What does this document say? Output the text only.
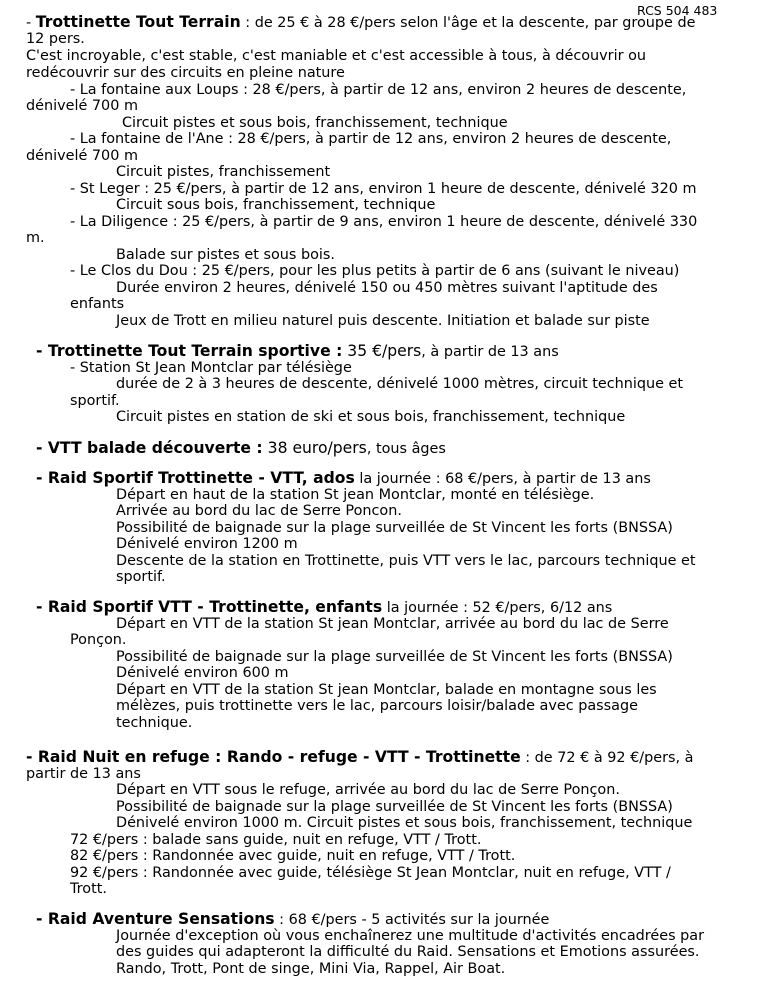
RCS 504 483
- Trottinette Tout Terrain : de 25 € à 28 €/pers selon l'âge et la descente, par groupe de
12 pers.
C'est incroyable, c'est stable, c'est maniable et c'est accessible à tous, à découvrir ou
redécouvrir sur des circuits en pleine nature
- La fontaine aux Loups : 28 €/pers, à partir de 12 ans, environ 2 heures de descente,
dénivelé 700 m
Circuit pistes et sous bois, franchissement, technique
- La fontaine de l'Ane : 28 €/pers, à partir de 12 ans, environ 2 heures de descente,
dénivelé 700 m
Circuit pistes, franchissement
- St Leger : 25 €/pers, à partir de 12 ans, environ 1 heure de descente, dénivelé 320 m
Circuit sous bois, franchissement, technique
- La Diligence : 25 €/pers, à partir de 9 ans, environ 1 heure de descente, dénivelé 330
m.
Balade sur pistes et sous bois.
- Le Clos du Dou : 25 €/pers, pour les plus petits à partir de 6 ans (suivant le niveau)
Durée environ 2 heures, dénivelé 150 ou 450 mètres suivant l'aptitude des
enfants
Jeux de Trott en milieu naturel puis descente. Initiation et balade sur piste
- Trottinette Tout Terrain sportive : 35 €/pers, à partir de 13 ans
- Station St Jean Montclar par télésiège
durée de 2 à 3 heures de descente, dénivelé 1000 mètres, circuit technique et
sportif.
Circuit pistes en station de ski et sous bois, franchissement, technique
- VTT balade découverte : 38 euro/pers, tous âges
- Raid Sportif Trottinette - VTT, ados la journée : 68 €/pers, à partir de 13 ans
Départ en haut de la station St jean Montclar, monté en télésiège.
Arrivée au bord du lac de Serre Poncon.
Possibilité de baignade sur la plage surveillée de St Vincent les forts (BNSSA)
Dénivelé environ 1200 m
Descente de la station en Trottinette, puis VTT vers le lac, parcours technique et
sportif.
- Raid Sportif VTT - Trottinette, enfants la journée : 52 €/pers, 6/12 ans
Départ en VTT de la station St jean Montclar, arrivée au bord du lac de Serre
Ponçon.
Possibilité de baignade sur la plage surveillée de St Vincent les forts (BNSSA)
Dénivelé environ 600 m
Départ en VTT de la station St jean Montclar, balade en montagne sous les
mélèzes, puis trottinette vers le lac, parcours loisir/balade avec passage
technique.
- Raid Nuit en refuge : Rando - refuge - VTT - Trottinette : de 72 € à 92 €/pers, à
partir de 13 ans
Départ en VTT sous le refuge, arrivée au bord du lac de Serre Ponçon.
Possibilité de baignade sur la plage surveillée de St Vincent les forts (BNSSA)
Dénivelé environ 1000 m. Circuit pistes et sous bois, franchissement, technique
72 €/pers : balade sans guide, nuit en refuge, VTT / Trott.
82 €/pers : Randonnée avec guide, nuit en refuge, VTT / Trott.
92 €/pers : Randonnée avec guide, télésiège St Jean Montclar, nuit en refuge, VTT /
Trott.
- Raid Aventure Sensations : 68 €/pers - 5 activités sur la journée
Journée d'exception où vous enchaînerez une multitude d'activités encadrées par
des guides qui adapteront la difficulté du Raid. Sensations et Emotions assurées.
Rando, Trott, Pont de singe, Mini Via, Rappel, Air Boat.
